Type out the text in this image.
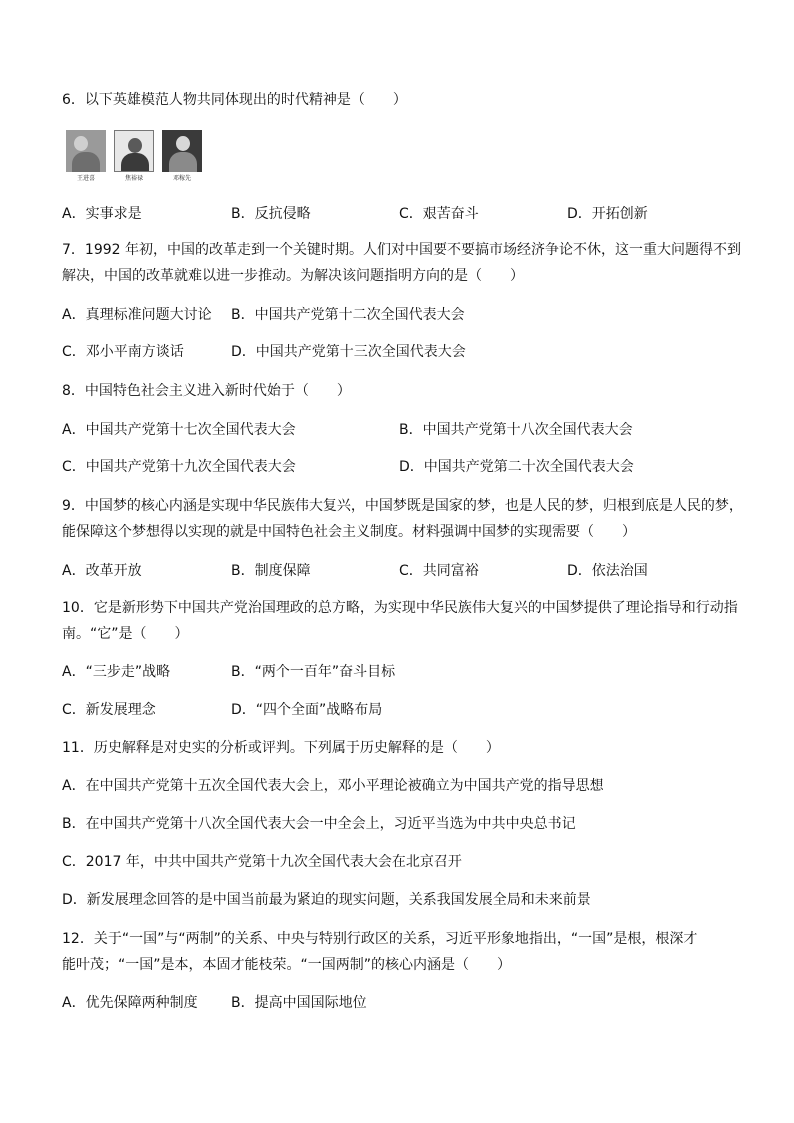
6．以下英雄模范人物共同体现出的时代精神是（　　）
王进喜	焦裕禄	邓稼先
A．实事求是	B．反抗侵略	C．艰苦奋斗	D．开拓创新
7．1992 年初，中国的改革走到一个关键时期。人们对中国要不要搞市场经济争论不休，这一重大问题得不到
解决，中国的改革就难以进一步推动。为解决该问题指明方向的是（　　）
A．真理标准问题大讨论 B．中国共产党第十二次全国代表大会
C．邓小平南方谈话	D．中国共产党第十三次全国代表大会
8．中国特色社会主义进入新时代始于（　　）
A．中国共产党第十七次全国代表大会	B．中国共产党第十八次全国代表大会
C．中国共产党第十九次全国代表大会	D．中国共产党第二十次全国代表大会
9．中国梦的核心内涵是实现中华民族伟大复兴，中国梦既是国家的梦，也是人民的梦，归根到底是人民的梦，
能保障这个梦想得以实现的就是中国特色社会主义制度。材料强调中国梦的实现需要（　　）
A．改革开放	B．制度保障	C．共同富裕	D．依法治国
10．它是新形势下中国共产党治国理政的总方略，为实现中华民族伟大复兴的中国梦提供了理论指导和行动指
南。“它”是（　　）
A．“三步走”战略	B．“两个一百年”奋斗目标
C．新发展理念	D．“四个全面”战略布局
11．历史解释是对史实的分析或评判。下列属于历史解释的是（　　）
A．在中国共产党第十五次全国代表大会上，邓小平理论被确立为中国共产党的指导思想
B．在中国共产党第十八次全国代表大会一中全会上，习近平当选为中共中央总书记
C．2017 年，中共中国共产党第十九次全国代表大会在北京召开
D．新发展理念回答的是中国当前最为紧迫的现实问题，关系我国发展全局和未来前景
12．关于“一国”与“两制”的关系、中央与特别行政区的关系，习近平形象地指出，“一国”是根，根深才
能叶茂；“一国”是本，本固才能枝荣。“一国两制”的核心内涵是（　　）
A．优先保障两种制度 B．提高中国国际地位
